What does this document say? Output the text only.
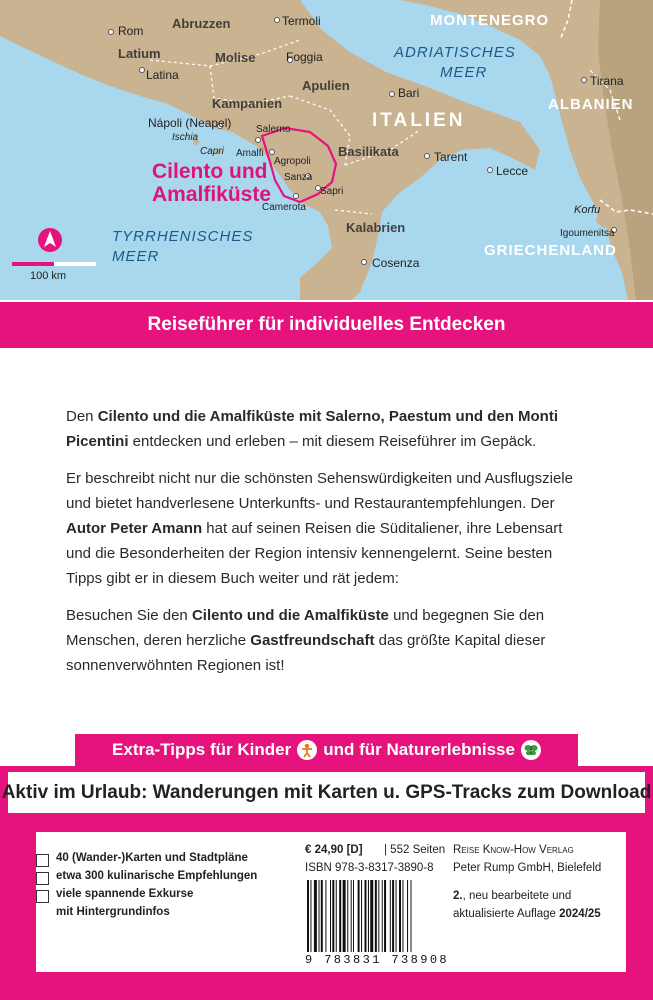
Rom Abruzzen	Termoli
Latium	Molise	Foggia
Latina
Apulien
Kampanien
Bari
Nápoli (Neapel) Salerno
Ischia
Capri Amalfi
Agropoli
Basilikata
Sanza
Sapri
Camerota
Tarent
Lecce
Kalabrien
Cosenza
Tirana
Korfu
Igoumenitsa
ADRIATISCHES
MEER
TYRRHENISCHES
MEER
MONTENEGRO
ALBANIEN
ITALIEN
GRIECHENLAND
Cilento und
Amalfiküste
100 km
Reiseführer für individuelles Entdecken

Den Cilento und die Amalfiküste mit Salerno, Paestum und den Monti Picentini entdecken und erleben – mit diesem Reiseführer im Gepäck.

Er beschreibt nicht nur die schönsten Sehenswürdigkeiten und Ausflugsziele und bietet handverlesene Unterkunfts- und Restaurantempfehlungen. Der Autor Peter Amann hat auf seinen Reisen die Süditaliener, ihre Lebensart und die Besonderheiten der Region intensiv kennengelernt. Seine besten Tipps gibt er in diesem Buch weiter und rät jedem:

Besuchen Sie den Cilento und die Amalfiküste und begegnen Sie den Menschen, deren herzliche Gastfreundschaft das größte Kapital dieser sonnenverwöhnten Regionen ist!

Extra-Tipps für Kinder und für Naturerlebnisse
Aktiv im Urlaub: Wanderungen mit Karten u. GPS-Tracks zum Download
40 (Wander-)Karten und Stadtpläne
etwa 300 kulinarische Empfehlungen
viele spannende Exkurse
mit Hintergrundinfos
€ 24,90 [D] | 552 Seiten
ISBN 978-3-8317-3890-8
9 783831 738908
Reise Know-How Verlag
Peter Rump GmbH, Bielefeld
2., neu bearbeitete und
aktualisierte Auflage 2024/25
